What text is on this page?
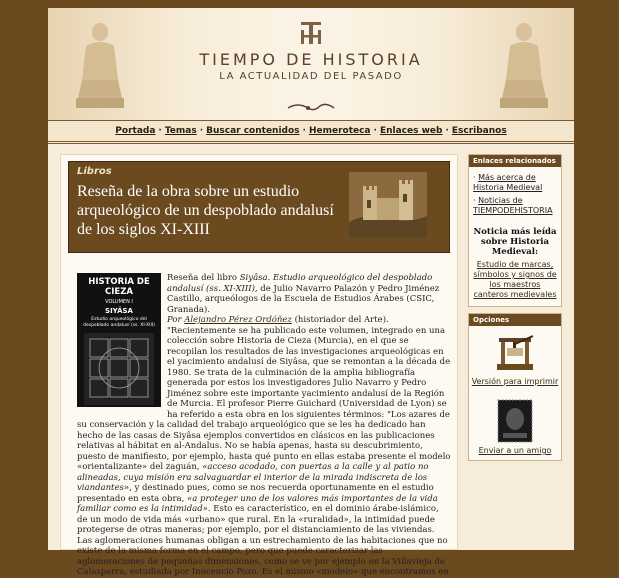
TIEMPO DE HISTORIA
LA ACTUALIDAD DEL PASADO
Portada · Temas · Buscar contenidos · Hemeroteca · Enlaces web · Escribanos
Libros
Reseña de la obra sobre un estudio arqueológico de un despoblado andalusí de los siglos XI-XIII
HISTORIA DE CIEZA
VOLUMEN I
SIYÂSA
Estudio arqueológico del despoblado andalusí (ss. XI-XIII)

Reseña del libro Siyâsa. Estudio arqueológico del despoblado andalusí (ss. XI-XIII), de Julio Navarro Palazón y Pedro Jiménez Castillo, arqueólogos de la Escuela de Estudios Árabes (CSIC, Granada).

Por Alejandro Pérez Ordóñez (historiador del Arte).

"Recientemente se ha publicado este volumen, integrado en una colección sobre Historia de Cieza (Murcia), en el que se recopilan los resultados de las investigaciones arqueológicas en el yacimiento andalusí de Siyâsa, que se remontan a la década de 1980. Se trata de la culminación de la amplia bibliografía generada por estos los investigadores Julio Navarro y Pedro Jiménez sobre este importante yacimiento andalusí de la Región de Murcia. El profesor Pierre Guichard (Universidad de Lyon) se ha referido a esta obra en los siguientes términos: "Los azares de su conservación y la calidad del trabajo arqueológico que se les ha dedicado han hecho de las casas de Siyâsa ejemplos convertidos en clásicos en las publicaciones relativas al hábitat en al-Andalus. No se había apenas, hasta su descubrimiento, puesto de manifiesto, por ejemplo, hasta qué punto en ellas estaba presente el modelo «orientalizante» del zaguán, «acceso acodado, con puertas a la calle y al patio no alineadas, cuya misión era salvaguardar el interior de la mirada indiscreta de los viandantes», y destinado pues, como se nos recuerda oportunamente en el estudio presentado en esta obra, «a proteger uno de los valores más importantes de la vida familiar como es la intimidad». Esto es característico, en el dominio árabe-islámico, de un modo de vida más «urbano» que rural. En la «ruralidad», la intimidad puede protegerse de otras maneras; por ejemplo, por el distanciamiento de las viviendas. Las aglomeraciones humanas obligan a un estrechamiento de las habitaciones que no existe de la misma forma en el campo, pero que puede caracterizar las aglomeraciones de pequeñas dimensiones, como se ve por ejemplo en la Villavieja de Calasparra, estudiada por Inocencio Pozo. Es el mismo «modelo» que encontramos en

Enlaces relacionados
· Más acerca de Historia Medieval
· Noticias de TIEMPODEHISTORIA
Noticia más leída sobre Historia Medieval:
Estudio de marcas, símbolos y signos de los maestros canteros medievales
Opciones
Versión para imprimir
Enviar a un amigo
